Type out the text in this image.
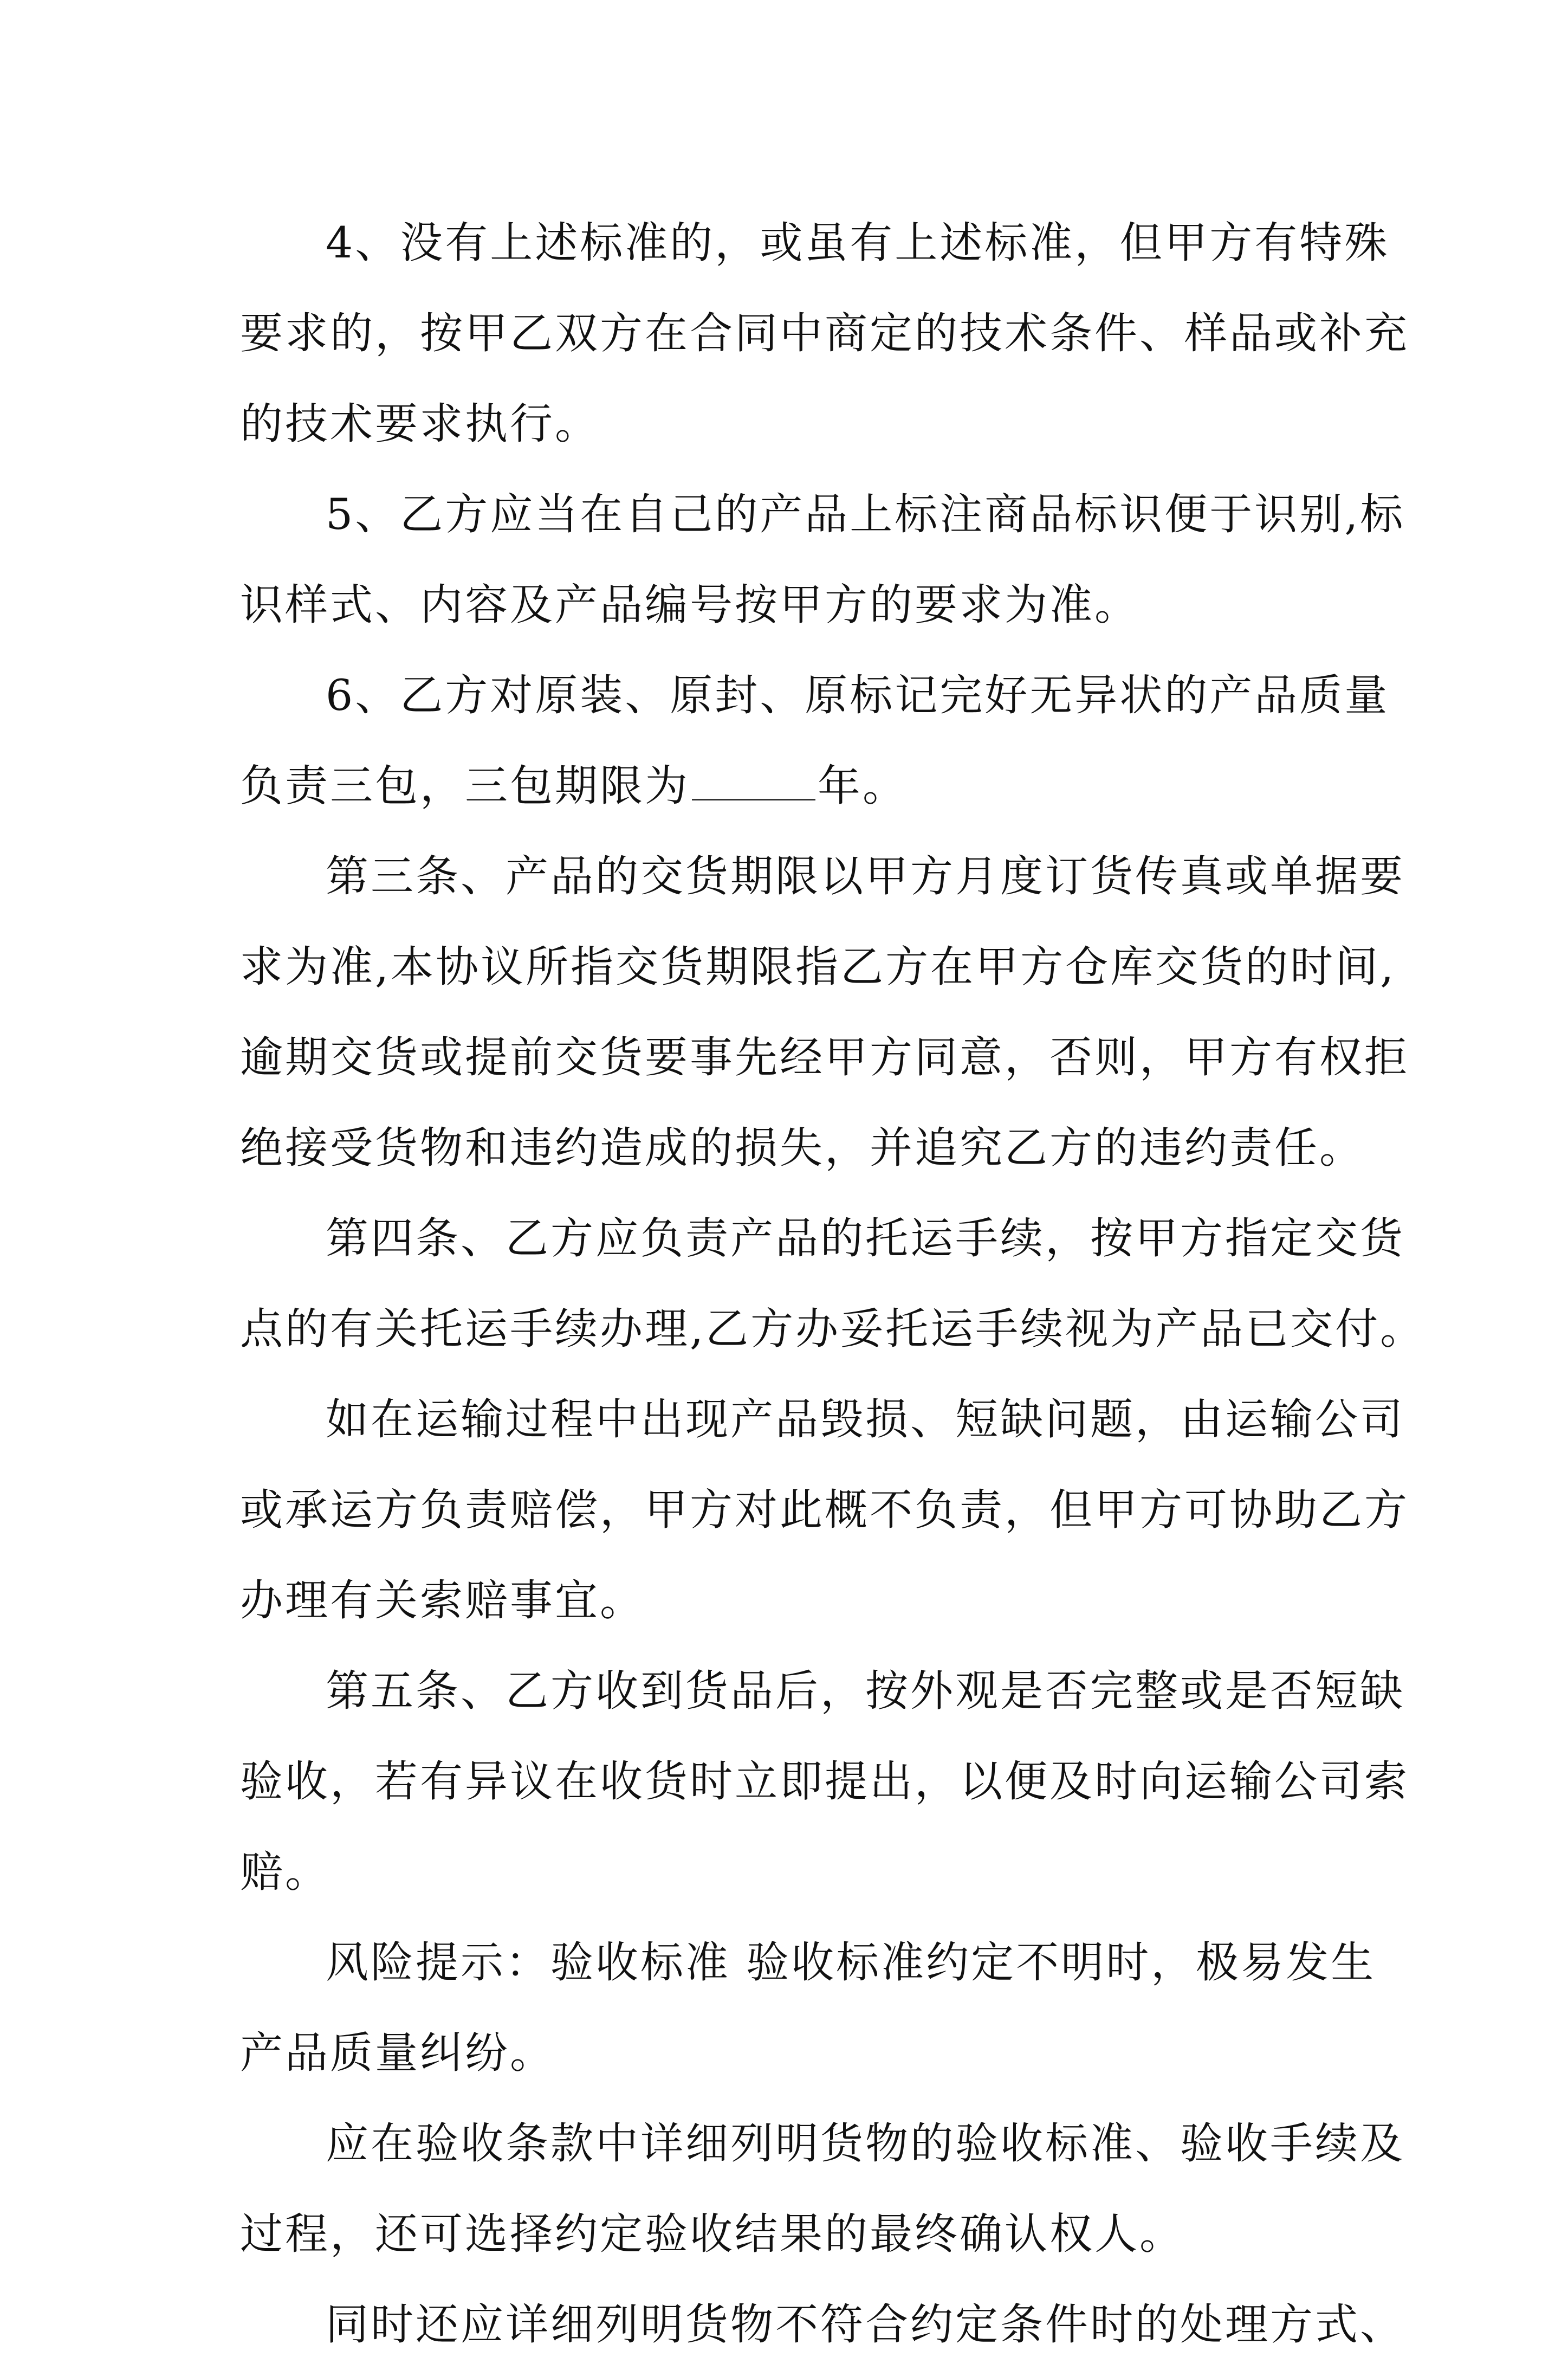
4、没有上述标准的，或虽有上述标准，但甲方有特殊
要求的，按甲乙双方在合同中商定的技术条件、样品或补充
的技术要求执行。
5、乙方应当在自己的产品上标注商品标识便于识别,标
识样式、内容及产品编号按甲方的要求为准。
6、乙方对原装、原封、原标记完好无异状的产品质量
负责三包，三包期限为	年。
第三条、产品的交货期限以甲方月度订货传真或单据要
求为准,本协议所指交货期限指乙方在甲方仓库交货的时间,
逾期交货或提前交货要事先经甲方同意，否则，甲方有权拒
绝接受货物和违约造成的损失，并追究乙方的违约责任。
第四条、乙方应负责产品的托运手续，按甲方指定交货
点的有关托运手续办理,乙方办妥托运手续视为产品已交付。
如在运输过程中出现产品毁损、短缺问题，由运输公司
或承运方负责赔偿，甲方对此概不负责，但甲方可协助乙方
办理有关索赔事宜。
第五条、乙方收到货品后，按外观是否完整或是否短缺
验收，若有异议在收货时立即提出，以便及时向运输公司索
赔。
风险提示：验收标准 验收标准约定不明时，极易发生
产品质量纠纷。
应在验收条款中详细列明货物的验收标准、验收手续及
过程，还可选择约定验收结果的最终确认权人。
同时还应详细列明货物不符合约定条件时的处理方式、
